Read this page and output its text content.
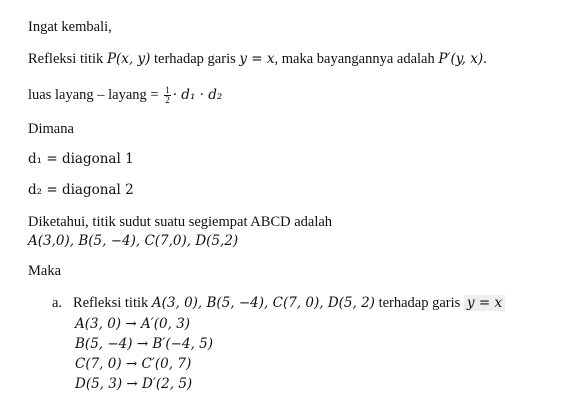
Ingat kembali,
Refleksi titik P(x, y) terhadap garis y = x, maka bayangannya adalah P′(y, x).
luas layang – layang = $\frac{1}{2} \cdot d_1 \cdot d_2$
Dimana
d₁ = diagonal 1
d₂ = diagonal 2
Diketahui, titik sudut suatu segiempat ABCD adalah
A(3,0), B(5, −4), C(7,0), D(5,2)
Maka
a. Refleksi titik A(3, 0), B(5, −4), C(7, 0), D(5, 2) terhadap garis y = x
A(3, 0) → A′(0, 3)
B(5, −4) → B′(−4, 5)
C(7, 0) → C′(0, 7)
D(5, 3) → D′(2, 5)
